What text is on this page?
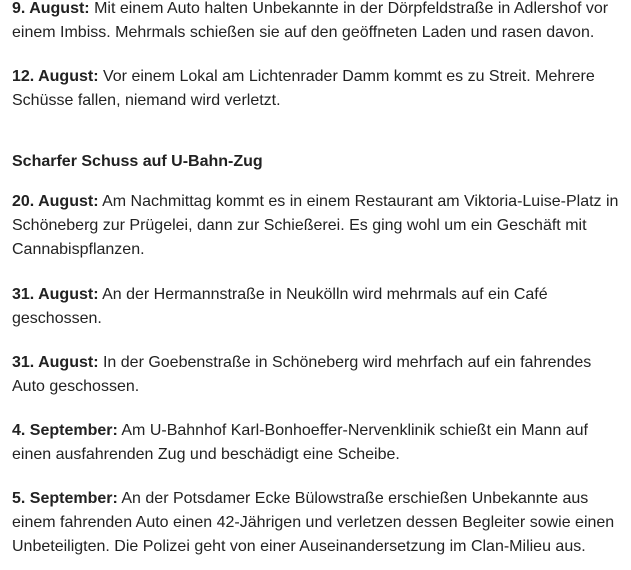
9. August: Mit einem Auto halten Unbekannte in der Dörpfeldstraße in Adlershof vor einem Imbiss. Mehrmals schießen sie auf den geöffneten Laden und rasen davon.

12. August: Vor einem Lokal am Lichtenrader Damm kommt es zu Streit. Mehrere Schüsse fallen, niemand wird verletzt.

Scharfer Schuss auf U-Bahn-Zug

20. August: Am Nachmittag kommt es in einem Restaurant am Viktoria-Luise-Platz in Schöneberg zur Prügelei, dann zur Schießerei. Es ging wohl um ein Geschäft mit Cannabispflanzen.

31. August: An der Hermannstraße in Neukölln wird mehrmals auf ein Café geschossen.

31. August: In der Goebenstraße in Schöneberg wird mehrfach auf ein fahrendes Auto geschossen.

4. September: Am U-Bahnhof Karl-Bonhoeffer-Nervenklinik schießt ein Mann auf einen ausfahrenden Zug und beschädigt eine Scheibe.

5. September: An der Potsdamer Ecke Bülowstraße erschießen Unbekannte aus einem fahrenden Auto einen 42-Jährigen und verletzen dessen Begleiter sowie einen Unbeteiligten. Die Polizei geht von einer Auseinandersetzung im Clan-Milieu aus.
